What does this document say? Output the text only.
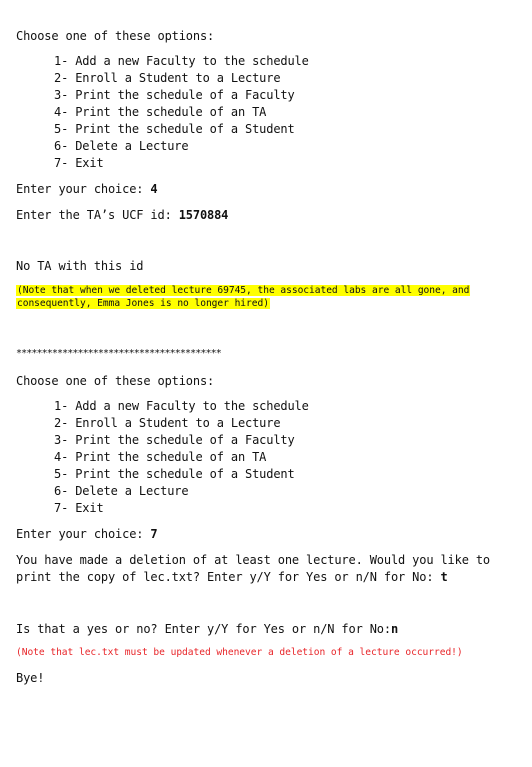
Choose one of these options:
1- Add a new Faculty to the schedule
2- Enroll a Student to a Lecture
3- Print the schedule of a Faculty
4- Print the schedule of an TA
5- Print the schedule of a Student
6- Delete a Lecture
7- Exit
Enter your choice: 4
Enter the TA’s UCF id: 1570884
No TA with this id
(Note that when we deleted lecture 69745, the associated labs are all gone, and
consequently, Emma Jones is no longer hired)
****************************************
Choose one of these options:
1- Add a new Faculty to the schedule
2- Enroll a Student to a Lecture
3- Print the schedule of a Faculty
4- Print the schedule of an TA
5- Print the schedule of a Student
6- Delete a Lecture
7- Exit
Enter your choice: 7
You have made a deletion of at least one lecture. Would you like to
print the copy of lec.txt? Enter y/Y for Yes or n/N for No: t
Is that a yes or no? Enter y/Y for Yes or n/N for No:n
(Note that lec.txt must be updated whenever a deletion of a lecture occurred!)
Bye!
